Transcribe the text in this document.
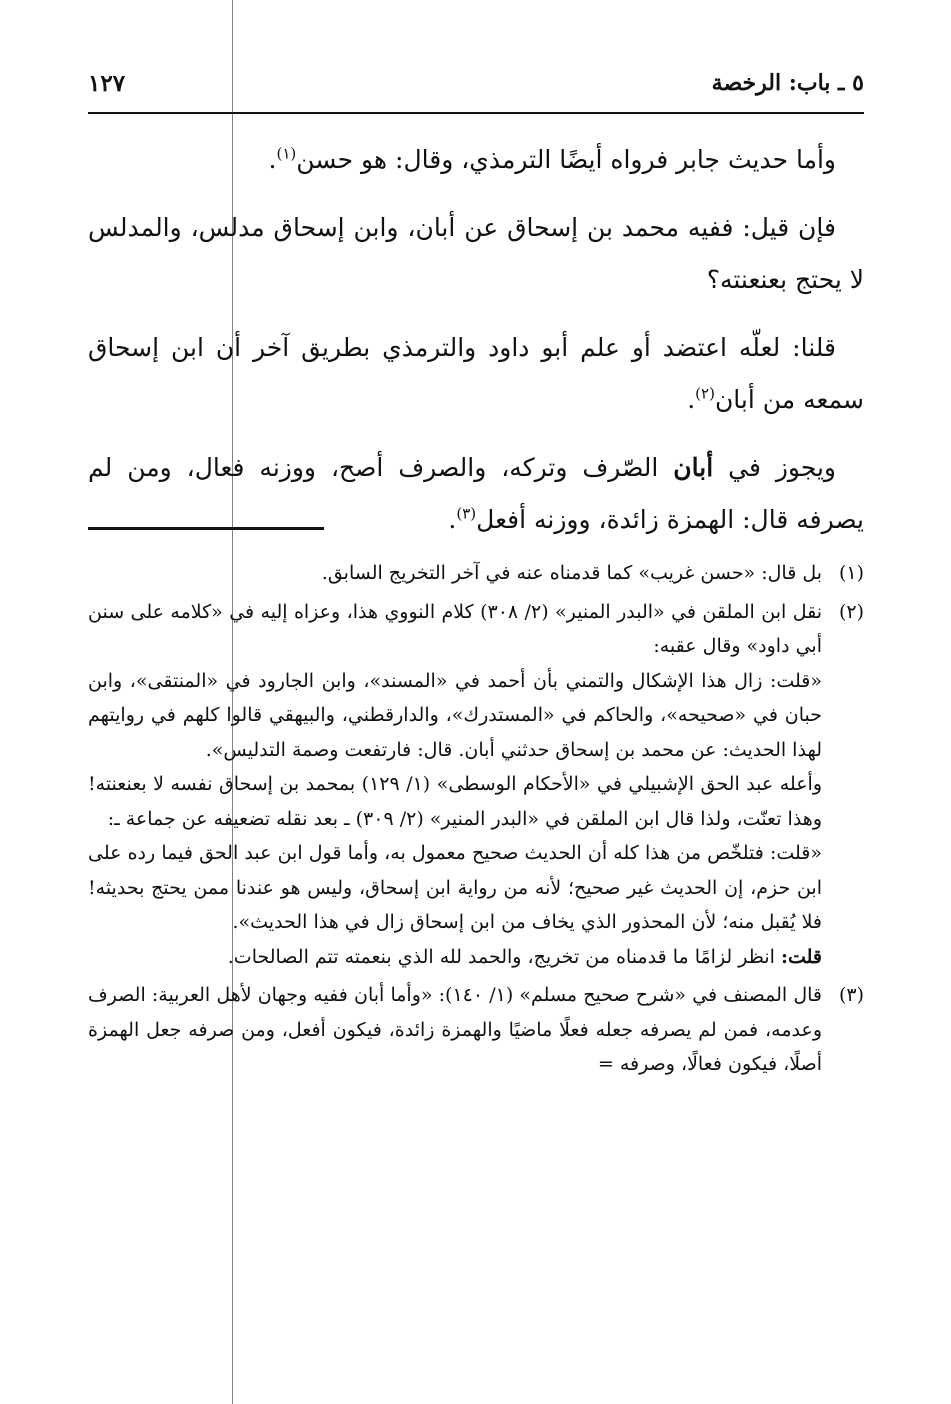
٥ ـ باب: الرخصة
١٢٧

وأما حديث جابر فرواه أيضًا الترمذي، وقال: هو حسن$^{(١)}$.

فإن قيل: ففيه محمد بن إسحاق عن أبان، وابن إسحاق مدلس، والمدلس لا يحتج بعنعنته؟

قلنا: لعلّه اعتضد أو علم أبو داود والترمذي بطريق آخر أن ابن إسحاق سمعه من أبان$^{(٢)}$.

ويجوز في أبان الصّرف وتركه، والصرف أصح، ووزنه فعال، ومن لم يصرفه قال: الهمزة زائدة، ووزنه أفعل$^{(٣)}$.

(١)
بل قال: «حسن غريب» كما قدمناه عنه في آخر التخريج السابق.
(٢)
نقل ابن الملقن في «البدر المنير» (٢/ ٣٠٨) كلام النووي هذا، وعزاه إليه في «كلامه على سنن أبي داود» وقال عقبه:
«قلت: زال هذا الإشكال والتمني بأن أحمد في «المسند»، وابن الجارود في «المنتقى»، وابن حبان في «صحيحه»، والحاكم في «المستدرك»، والدارقطني، والبيهقي قالوا كلهم في روايتهم لهذا الحديث: عن محمد بن إسحاق حدثني أبان. قال: فارتفعت وصمة التدليس».
وأعله عبد الحق الإشبيلي في «الأحكام الوسطى» (١/ ١٢٩) بمحمد بن إسحاق نفسه لا بعنعنته! وهذا تعنّت، ولذا قال ابن الملقن في «البدر المنير» (٢/ ٣٠٩) ـ بعد نقله تضعيفه عن جماعة ـ:
«قلت: فتلخّص من هذا كله أن الحديث صحيح معمول به، وأما قول ابن عبد الحق فيما رده على ابن حزم، إن الحديث غير صحيح؛ لأنه من رواية ابن إسحاق، وليس هو عندنا ممن يحتج بحديثه! فلا يُقبل منه؛ لأن المحذور الذي يخاف من ابن إسحاق زال في هذا الحديث».
قلت: انظر لزامًا ما قدمناه من تخريج، والحمد لله الذي بنعمته تتم الصالحات.
(٣)
قال المصنف في «شرح صحيح مسلم» (١/ ١٤٠): «وأما أبان ففيه وجهان لأهل العربية: الصرف وعدمه، فمن لم يصرفه جعله فعلًا ماضيًا والهمزة زائدة، فيكون أفعل، ومن صرفه جعل الهمزة أصلًا، فيكون فعالًا، وصرفه =
